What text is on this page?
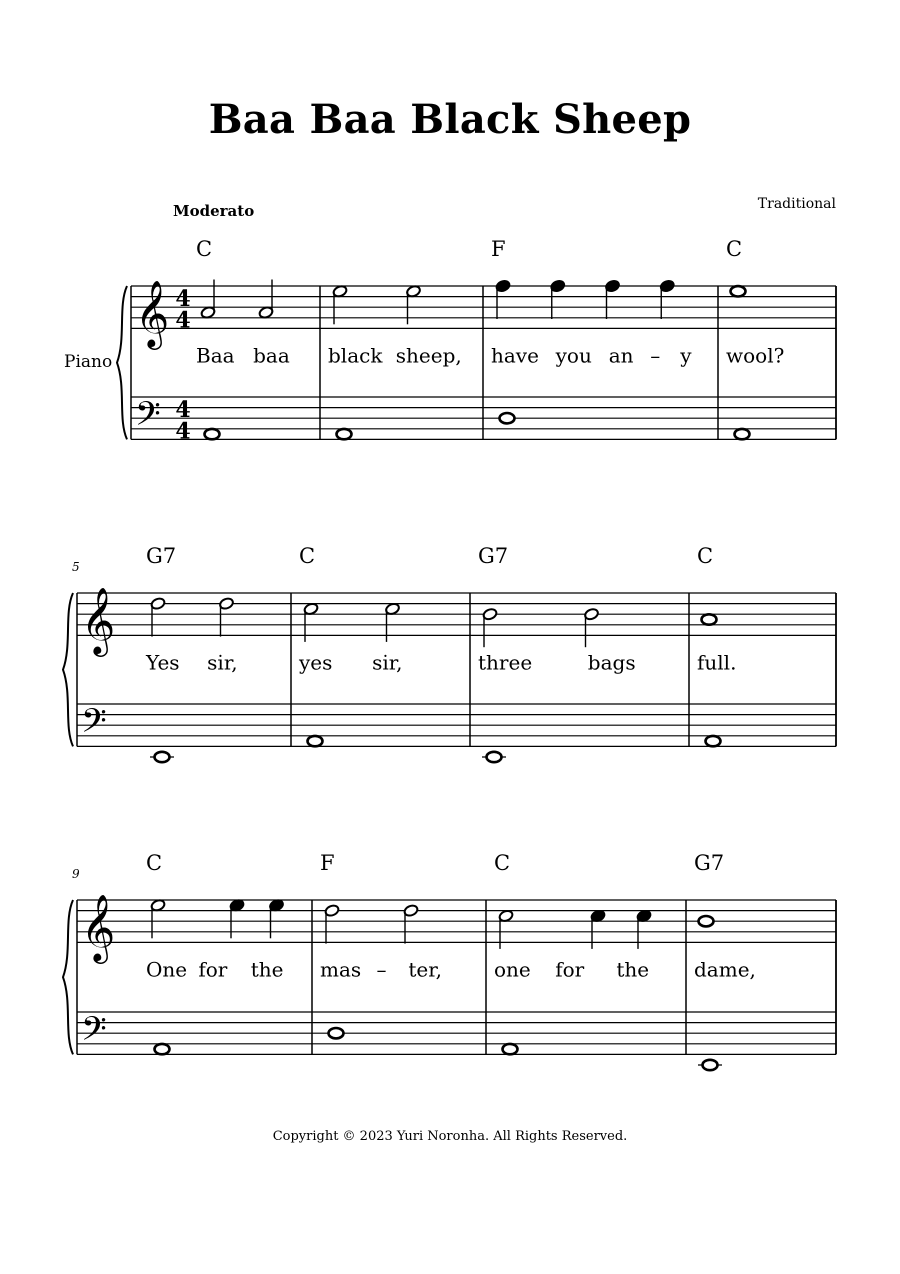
Baa Baa Black Sheep
Moderato	Traditional
Piano
𝄞
𝄢
4
4
4
4
C
Baa baa black sheep,
F
have you an – y
C
wool?
𝄞
𝄢
5	G7
Yes sir,
C
yes sir,
G7
three	bags
C
full.
𝄞
𝄢
9	C
One for the
F
mas – ter,
C
one for the
G7
dame,
Copyright © 2023 Yuri Noronha. All Rights Reserved.
